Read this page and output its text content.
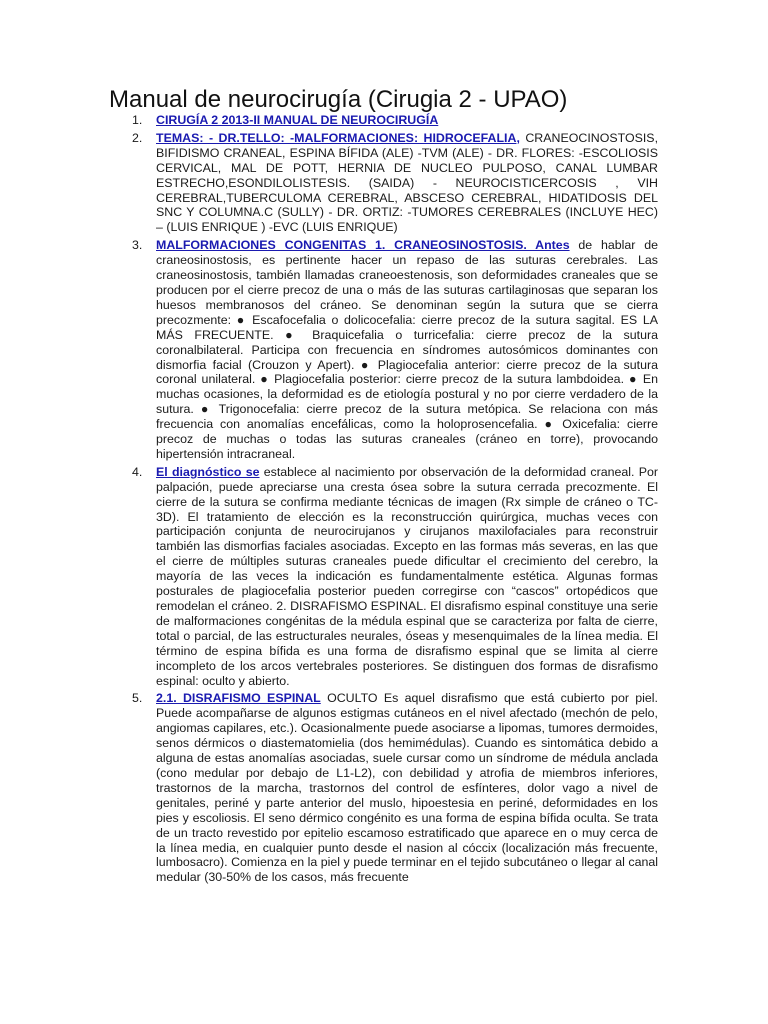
Manual de neurocirugía (Cirugia 2 - UPAO)
1.	CIRUGÍA 2 2013-II MANUAL DE NEUROCIRUGÍA
2.	TEMAS: - DR.TELLO: -MALFORMACIONES: HIDROCEFALIA, CRANEOCINOSTOSIS, BIFIDISMO CRANEAL, ESPINA BÍFIDA (ALE) -TVM (ALE) - DR. FLORES: -ESCOLIOSIS CERVICAL, MAL DE POTT, HERNIA DE NUCLEO PULPOSO, CANAL LUMBAR ESTRECHO,ESONDILOLISTESIS. (SAIDA) - NEUROCISTICERCOSIS , VIH CEREBRAL,TUBERCULOMA CEREBRAL, ABSCESO CEREBRAL, HIDATIDOSIS DEL SNC Y COLUMNA.C (SULLY) - DR. ORTIZ: -TUMORES CEREBRALES (INCLUYE HEC) – (LUIS ENRIQUE ) -EVC (LUIS ENRIQUE)
3.	MALFORMACIONES CONGENITAS 1. CRANEOSINOSTOSIS. Antes de hablar de craneosinostosis, es pertinente hacer un repaso de las suturas cerebrales. Las craneosinostosis, también llamadas craneoestenosis, son deformidades craneales que se producen por el cierre precoz de una o más de las suturas cartilaginosas que separan los huesos membranosos del cráneo. Se denominan según la sutura que se cierra precozmente: ● Escafocefalia o dolicocefalia: cierre precoz de la sutura sagital. ES LA MÁS FRECUENTE. ● Braquicefalia o turricefalia: cierre precoz de la sutura coronalbilateral. Participa con frecuencia en síndromes autosómicos dominantes con dismorfia facial (Crouzon y Apert). ● Plagiocefalia anterior: cierre precoz de la sutura coronal unilateral. ● Plagiocefalia posterior: cierre precoz de la sutura lambdoidea. ● En muchas ocasiones, la deformidad es de etiología postural y no por cierre verdadero de la sutura. ● Trigonocefalia: cierre precoz de la sutura metópica. Se relaciona con más frecuencia con anomalías encefálicas, como la holoprosencefalia. ● Oxicefalia: cierre precoz de muchas o todas las suturas craneales (cráneo en torre), provocando hipertensión intracraneal.
4.	El diagnóstico se establece al nacimiento por observación de la deformidad craneal. Por palpación, puede apreciarse una cresta ósea sobre la sutura cerrada precozmente. El cierre de la sutura se confirma mediante técnicas de imagen (Rx simple de cráneo o TC-3D). El tratamiento de elección es la reconstrucción quirúrgica, muchas veces con participación conjunta de neurocirujanos y cirujanos maxilofaciales para reconstruir también las dismorfias faciales asociadas. Excepto en las formas más severas, en las que el cierre de múltiples suturas craneales puede dificultar el crecimiento del cerebro, la mayoría de las veces la indicación es fundamentalmente estética. Algunas formas posturales de plagiocefalia posterior pueden corregirse con “cascos” ortopédicos que remodelan el cráneo. 2. DISRAFISMO ESPINAL. El disrafismo espinal constituye una serie de malformaciones congénitas de la médula espinal que se caracteriza por falta de cierre, total o parcial, de las estructurales neurales, óseas y mesenquimales de la línea media. El término de espina bífida es una forma de disrafismo espinal que se limita al cierre incompleto de los arcos vertebrales posteriores. Se distinguen dos formas de disrafismo espinal: oculto y abierto.
5.	2.1. DISRAFISMO ESPINAL OCULTO Es aquel disrafismo que está cubierto por piel. Puede acompañarse de algunos estigmas cutáneos en el nivel afectado (mechón de pelo, angiomas capilares, etc.). Ocasionalmente puede asociarse a lipomas, tumores dermoides, senos dérmicos o diastematomielia (dos hemimédulas). Cuando es sintomática debido a alguna de estas anomalías asociadas, suele cursar como un síndrome de médula anclada (cono medular por debajo de L1-L2), con debilidad y atrofia de miembros inferiores, trastornos de la marcha, trastornos del control de esfínteres, dolor vago a nivel de genitales, periné y parte anterior del muslo, hipoestesia en periné, deformidades en los pies y escoliosis. El seno dérmico congénito es una forma de espina bífida oculta. Se trata de un tracto revestido por epitelio escamoso estratificado que aparece en o muy cerca de la línea media, en cualquier punto desde el nasion al cóccix (localización más frecuente, lumbosacro). Comienza en la piel y puede terminar en el tejido subcutáneo o llegar al canal medular (30-50% de los casos, más frecuente
